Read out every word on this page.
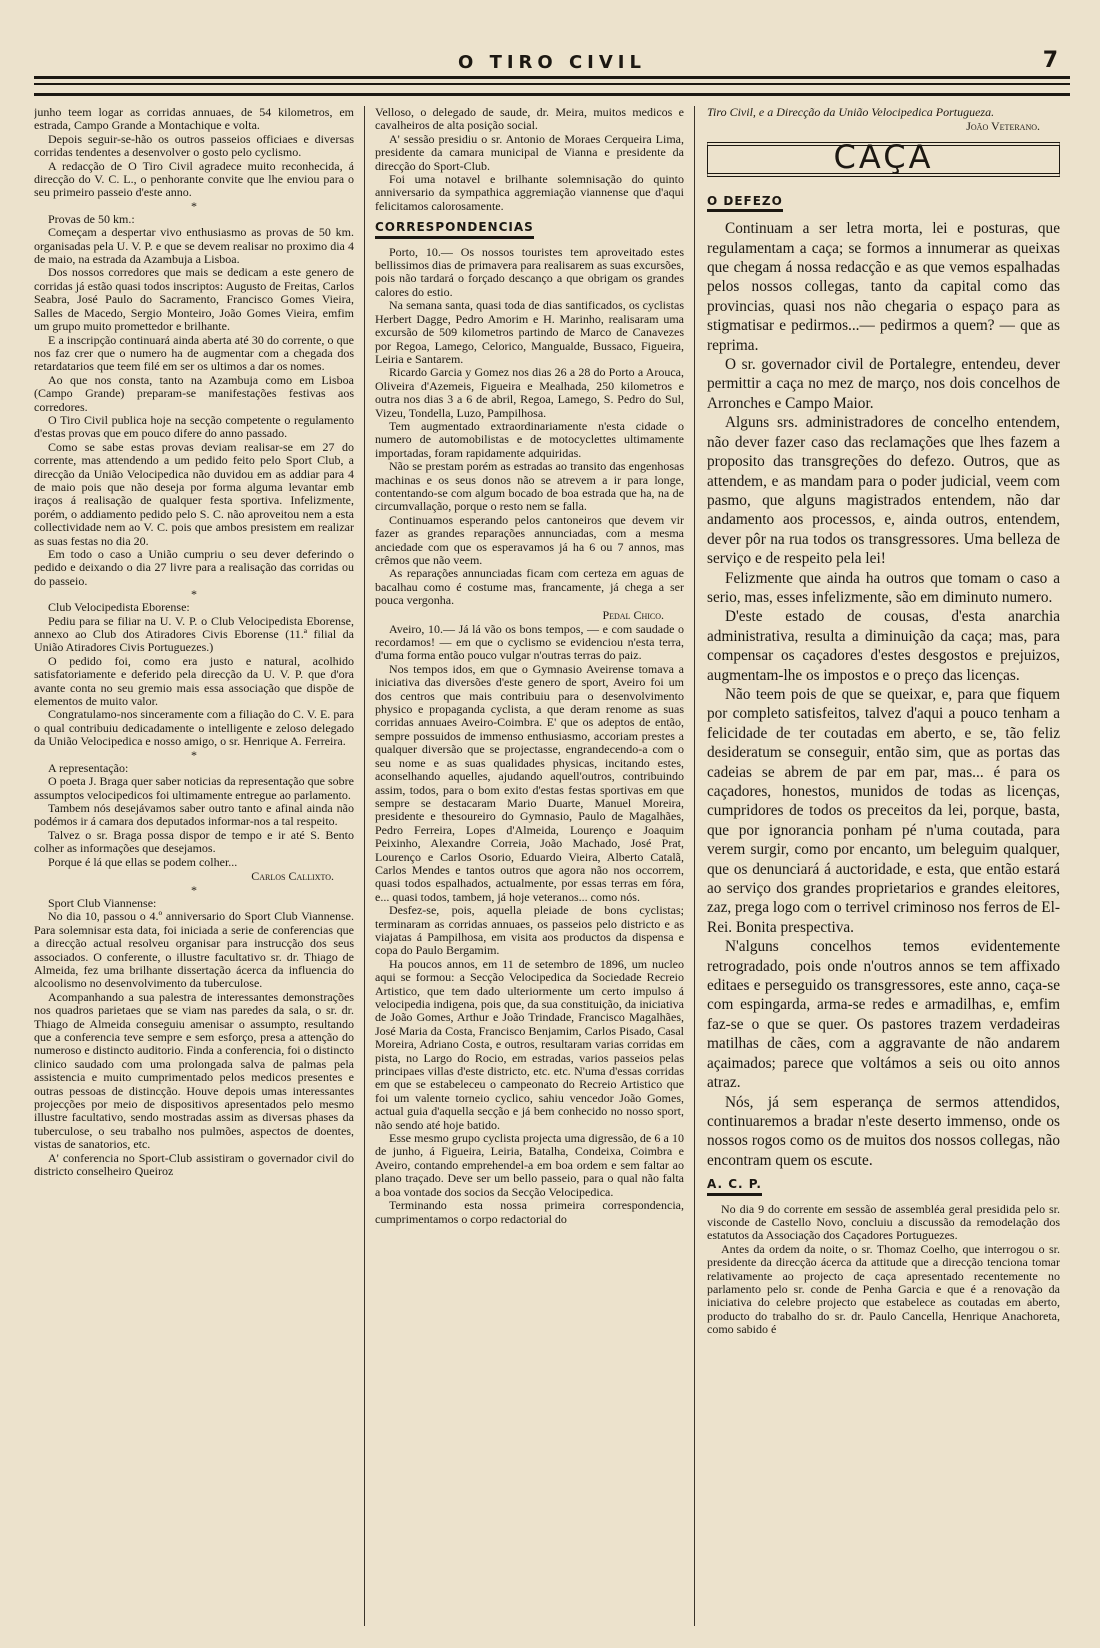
O TIRO CIVIL	7

junho teem logar as corridas annuaes, de 54 kilometros, em estrada, Campo Grande a Montachique e volta.

Depois seguir-se-hão os outros passeios officiaes e diversas corridas tendentes a desenvolver o gosto pelo cyclismo.

A redacção de O Tiro Civil agradece muito reconhecida, á direcção do V. C. L., o penhorante convite que lhe enviou para o seu primeiro passeio d'este anno.

*

Provas de 50 km.:

Começam a despertar vivo enthusiasmo as provas de 50 km. organisadas pela U. V. P. e que se devem realisar no proximo dia 4 de maio, na estrada da Azambuja a Lisboa.

Dos nossos corredores que mais se dedicam a este genero de corridas já estão quasi todos inscriptos: Augusto de Freitas, Carlos Seabra, José Paulo do Sacramento, Francisco Gomes Vieira, Salles de Macedo, Sergio Monteiro, João Gomes Vieira, emfim um grupo muito promettedor e brilhante.

E a inscripção continuará ainda aberta até 30 do corrente, o que nos faz crer que o numero ha de augmentar com a chegada dos retardatarios que teem filé em ser os ultimos a dar os nomes.

Ao que nos consta, tanto na Azambuja como em Lisboa (Campo Grande) preparam-se manifestações festivas aos corredores.

O Tiro Civil publica hoje na secção competente o regulamento d'estas provas que em pouco difere do anno passado.

Como se sabe estas provas deviam realisar-se em 27 do corrente, mas attendendo a um pedido feito pelo Sport Club, a direcção da União Velocipedica não duvidou em as addiar para 4 de maio pois que não deseja por forma alguma levantar emb iraços á realisação de qualquer festa sportiva. Infelizmente, porém, o addiamento pedido pelo S. C. não aproveitou nem a esta collectividade nem ao V. C. pois que ambos presistem em realizar as suas festas no dia 20.

Em todo o caso a União cumpriu o seu dever deferindo o pedido e deixando o dia 27 livre para a realisação das corridas ou do passeio.

*

Club Velocipedista Eborense:

Pediu para se filiar na U. V. P. o Club Velocipedista Eborense, annexo ao Club dos Atiradores Civis Eborense (11.ª filial da União Atiradores Civis Portuguezes.)

O pedido foi, como era justo e natural, acolhido satisfatoriamente e deferido pela direcção da U. V. P. que d'ora avante conta no seu gremio mais essa associação que dispõe de elementos de muito valor.

Congratulamo-nos sinceramente com a filiação do C. V. E. para o qual contribuiu dedicadamente o intelligente e zeloso delegado da União Velocipedica e nosso amigo, o sr. Henrique A. Ferreira.

*

A representação:

O poeta J. Braga quer saber noticias da representação que sobre assumptos velocipedicos foi ultimamente entregue ao parlamento.

Tambem nós desejávamos saber outro tanto e afinal ainda não podémos ir á camara dos deputados informar-nos a tal respeito.

Talvez o sr. Braga possa dispor de tempo e ir até S. Bento colher as informações que desejamos.

Porque é lá que ellas se podem colher...

Carlos Callixto.
*

Sport Club Viannense:

No dia 10, passou o 4.º anniversario do Sport Club Viannense. Para solemnisar esta data, foi iniciada a serie de conferencias que a direcção actual resolveu organisar para instrucção dos seus associados. O conferente, o illustre facultativo sr. dr. Thiago de Almeida, fez uma brilhante dissertação ácerca da influencia do alcoolismo no desenvolvimento da tuberculose.

Acompanhando a sua palestra de interessantes demonstrações nos quadros parietaes que se viam nas paredes da sala, o sr. dr. Thiago de Almeida conseguiu amenisar o assumpto, resultando que a conferencia teve sempre e sem esforço, presa a attenção do numeroso e distincto auditorio. Finda a conferencia, foi o distincto clinico saudado com uma prolongada salva de palmas pela assistencia e muito cumprimentado pelos medicos presentes e outras pessoas de distincção. Houve depois umas interessantes projecções por meio de dispositivos apresentados pelo mesmo illustre facultativo, sendo mostradas assim as diversas phases da tuberculose, o seu trabalho nos pulmões, aspectos de doentes, vistas de sanatorios, etc.

A' conferencia no Sport-Club assistiram o governador civil do districto conselheiro Queiroz

Velloso, o delegado de saude, dr. Meira, muitos medicos e cavalheiros de alta posição social.

A' sessão presidiu o sr. Antonio de Moraes Cerqueira Lima, presidente da camara municipal de Vianna e presidente da direcção do Sport-Club.

Foi uma notavel e brilhante solemnisação do quinto anniversario da sympathica aggremiação viannense que d'aqui felicitamos calorosamente.

CORRESPONDENCIAS

Porto, 10.— Os nossos touristes tem aproveitado estes bellissimos dias de primavera para realisarem as suas excursões, pois não tardará o forçado descanço a que obrigam os grandes calores do estio.

Na semana santa, quasi toda de dias santificados, os cyclistas Herbert Dagge, Pedro Amorim e H. Marinho, realisaram uma excursão de 509 kilometros partindo de Marco de Canavezes por Regoa, Lamego, Celorico, Mangualde, Bussaco, Figueira, Leiria e Santarem.

Ricardo Garcia y Gomez nos dias 26 a 28 do Porto a Arouca, Oliveira d'Azemeis, Figueira e Mealhada, 250 kilometros e outra nos dias 3 a 6 de abril, Regoa, Lamego, S. Pedro do Sul, Vizeu, Tondella, Luzo, Pampilhosa.

Tem augmentado extraordinariamente n'esta cidade o numero de automobilistas e de motocyclettes ultimamente importadas, foram rapidamente adquiridas.

Não se prestam porém as estradas ao transito das engenhosas machinas e os seus donos não se atrevem a ir para longe, contentando-se com algum bocado de boa estrada que ha, na de circumvallação, porque o resto nem se falla.

Continuamos esperando pelos cantoneiros que devem vir fazer as grandes reparações annunciadas, com a mesma anciedade com que os esperavamos já ha 6 ou 7 annos, mas crêmos que não veem.

As reparações annunciadas ficam com certeza em aguas de bacalhau como é costume mas, francamente, já chega a ser pouca vergonha.

Pedal Chico.

Aveiro, 10.— Já lá vão os bons tempos, — e com saudade o recordamos! — em que o cyclismo se evidenciou n'esta terra, d'uma forma então pouco vulgar n'outras terras do paiz.

Nos tempos idos, em que o Gymnasio Aveirense tomava a iniciativa das diversões d'este genero de sport, Aveiro foi um dos centros que mais contribuiu para o desenvolvimento physico e propaganda cyclista, a que deram renome as suas corridas annuaes Aveiro-Coimbra. E' que os adeptos de então, sempre possuidos de immenso enthusiasmo, accoriam prestes a qualquer diversão que se projectasse, engrandecendo-a com o seu nome e as suas qualidades physicas, incitando estes, aconselhando aquelles, ajudando aquell'outros, contribuindo assim, todos, para o bom exito d'estas festas sportivas em que sempre se destacaram Mario Duarte, Manuel Moreira, presidente e thesoureiro do Gymnasio, Paulo de Magalhães, Pedro Ferreira, Lopes d'Almeida, Lourenço e Joaquim Peixinho, Alexandre Correia, João Machado, José Prat, Lourenço e Carlos Osorio, Eduardo Vieira, Alberto Catalã, Carlos Mendes e tantos outros que agora não nos occorrem, quasi todos espalhados, actualmente, por essas terras em fóra, e... quasi todos, tambem, já hoje veteranos... como nós.

Desfez-se, pois, aquella pleiade de bons cyclistas; terminaram as corridas annuaes, os passeios pelo districto e as viajatas á Pampilhosa, em visita aos productos da dispensa e copa do Paulo Bergamim.

Ha poucos annos, em 11 de setembro de 1896, um nucleo aqui se formou: a Secção Velocipedica da Sociedade Recreio Artistico, que tem dado ulteriormente um certo impulso á velocipedia indigena, pois que, da sua constituição, da iniciativa de João Gomes, Arthur e João Trindade, Francisco Magalhães, José Maria da Costa, Francisco Benjamim, Carlos Pisado, Casal Moreira, Adriano Costa, e outros, resultaram varias corridas em pista, no Largo do Rocio, em estradas, varios passeios pelas principaes villas d'este districto, etc. etc. N'uma d'essas corridas em que se estabeleceu o campeonato do Recreio Artistico que foi um valente torneio cyclico, sahiu vencedor João Gomes, actual guia d'aquella secção e já bem conhecido no nosso sport, não sendo até hoje batido.

Esse mesmo grupo cyclista projecta uma digressão, de 6 a 10 de junho, á Figueira, Leiria, Batalha, Condeixa, Coimbra e Aveiro, contando emprehendel-a em boa ordem e sem faltar ao plano traçado. Deve ser um bello passeio, para o qual não falta a boa vontade dos socios da Secção Velocipedica.

Terminando esta nossa primeira correspondencia, cumprimentamos o corpo redactorial do

Tiro Civil, e a Direcção da União Velocipedica Portugueza.

João Veterano.
CAÇA
O DEFEZO

Continuam a ser letra morta, lei e posturas, que regulamentam a caça; se formos a innumerar as queixas que chegam á nossa redacção e as que vemos espalhadas pelos nossos collegas, tanto da capital como das provincias, quasi nos não chegaria o espaço para as stigmatisar e pedirmos...— pedirmos a quem? — que as reprima.

O sr. governador civil de Portalegre, entendeu, dever permittir a caça no mez de março, nos dois concelhos de Arronches e Campo Maior.

Alguns srs. administradores de concelho entendem, não dever fazer caso das reclamações que lhes fazem a proposito das transgreções do defezo. Outros, que as attendem, e as mandam para o poder judicial, veem com pasmo, que alguns magistrados entendem, não dar andamento aos processos, e, ainda outros, entendem, dever pôr na rua todos os transgressores. Uma belleza de serviço e de respeito pela lei!

Felizmente que ainda ha outros que tomam o caso a serio, mas, esses infelizmente, são em diminuto numero.

D'este estado de cousas, d'esta anarchia administrativa, resulta a diminuição da caça; mas, para compensar os caçadores d'estes desgostos e prejuizos, augmentam-lhe os impostos e o preço das licenças.

Não teem pois de que se queixar, e, para que fiquem por completo satisfeitos, talvez d'aqui a pouco tenham a felicidade de ter coutadas em aberto, e se, tão feliz desideratum se conseguir, então sim, que as portas das cadeias se abrem de par em par, mas... é para os caçadores, honestos, munidos de todas as licenças, cumpridores de todos os preceitos da lei, porque, basta, que por ignorancia ponham pé n'uma coutada, para verem surgir, como por encanto, um beleguim qualquer, que os denunciará á auctoridade, e esta, que então estará ao serviço dos grandes proprietarios e grandes eleitores, zaz, prega logo com o terrivel criminoso nos ferros de El-Rei. Bonita prespectiva.

N'alguns concelhos temos evidentemente retrogradado, pois onde n'outros annos se tem affixado editaes e perseguido os transgressores, este anno, caça-se com espingarda, arma-se redes e armadilhas, e, emfim faz-se o que se quer. Os pastores trazem verdadeiras matilhas de cães, com a aggravante de não andarem açaimados; parece que voltámos a seis ou oito annos atraz.

Nós, já sem esperança de sermos attendidos, continuaremos a bradar n'este deserto immenso, onde os nossos rogos como os de muitos dos nossos collegas, não encontram quem os escute.

A. C. P.

No dia 9 do corrente em sessão de assembléa geral presidida pelo sr. visconde de Castello Novo, concluiu a discussão da remodelação dos estatutos da Associação dos Caçadores Portuguezes.

Antes da ordem da noite, o sr. Thomaz Coelho, que interrogou o sr. presidente da direcção ácerca da attitude que a direcção tenciona tomar relativamente ao projecto de caça apresentado recentemente no parlamento pelo sr. conde de Penha Garcia e que é a renovação da iniciativa do celebre projecto que estabelece as coutadas em aberto, producto do trabalho do sr. dr. Paulo Cancella, Henrique Anachoreta, como sabido é
